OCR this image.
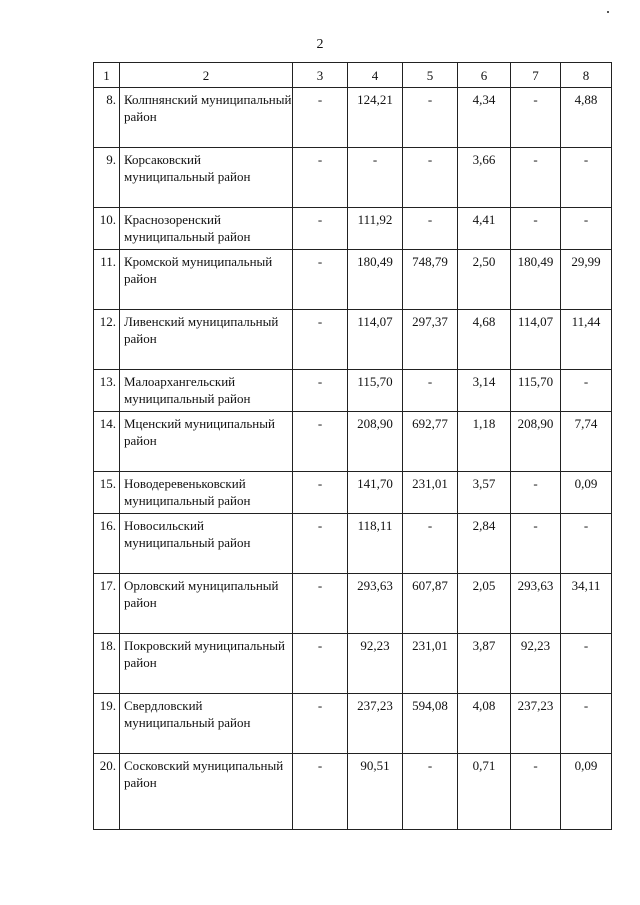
2
1	2	3	4	5	6	7	8
8.	Колпнянский муниципальный район	-	124,21	-	4,34	-	4,88
9.	Корсаковский муниципальный район	-	-	-	3,66	-	-
10.	Краснозоренский муниципальный район	-	111,92	-	4,41	-	-
11.	Кромской муниципальный район	-	180,49	748,79	2,50	180,49	29,99
12.	Ливенский муниципальный район	-	114,07	297,37	4,68	114,07	11,44
13.	Малоархангельский муниципальный район	-	115,70	-	3,14	115,70	-
14.	Мценский муниципальный район	-	208,90	692,77	1,18	208,90	7,74
15.	Новодеревеньковский муниципальный район	-	141,70	231,01	3,57	-	0,09
16.	Новосильский муниципальный район	-	118,11	-	2,84	-	-
17.	Орловский муниципальный район	-	293,63	607,87	2,05	293,63	34,11
18.	Покровский муниципальный район	-	92,23	231,01	3,87	92,23	-
19.	Свердловский муниципальный район	-	237,23	594,08	4,08	237,23	-
20.	Сосковский муниципальный район	-	90,51	-	0,71	-	0,09
